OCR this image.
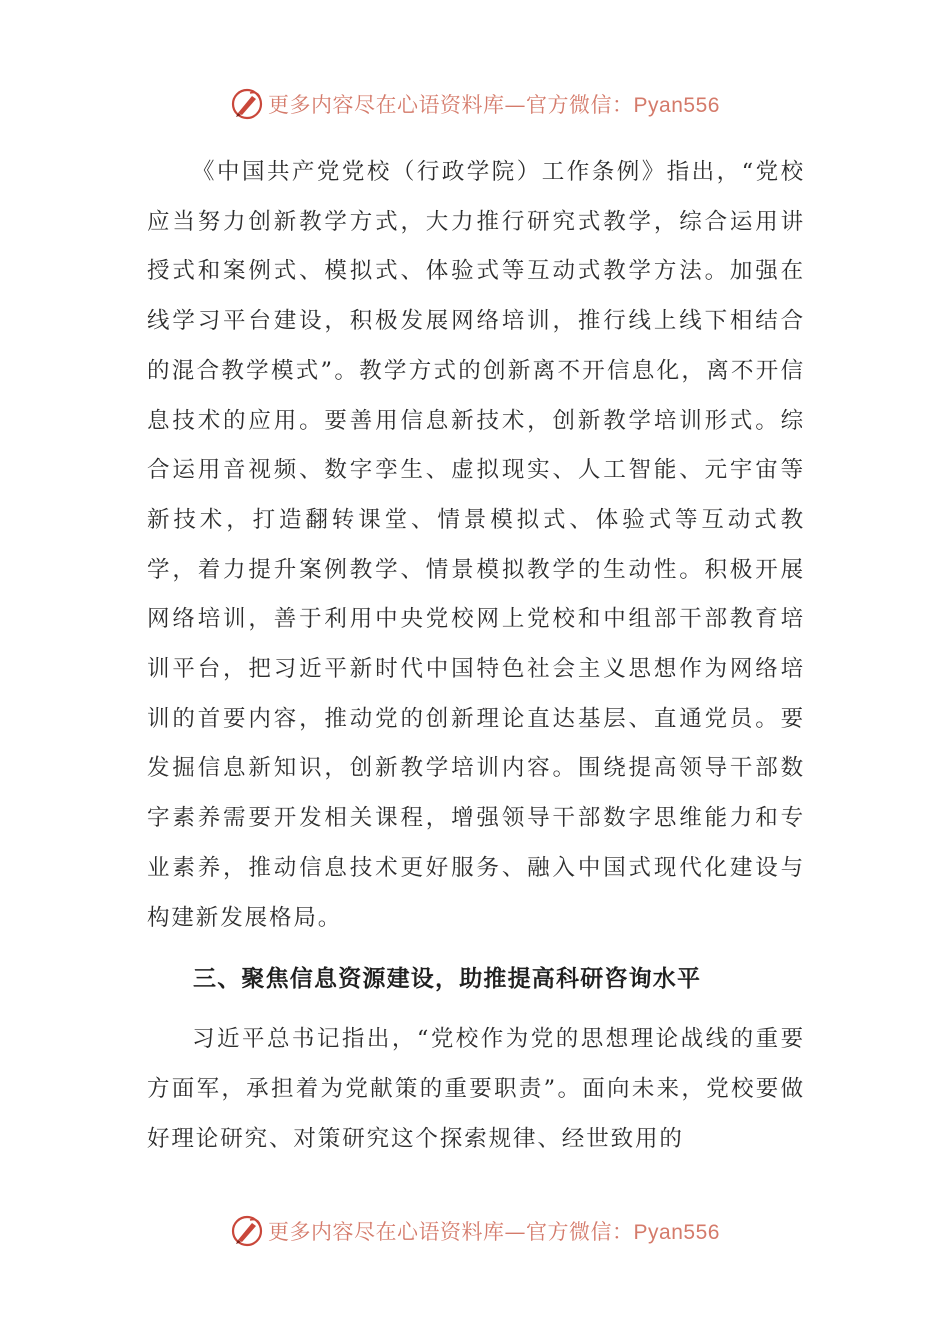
更多内容尽在心语资料库—官方微信：Pyan556

《中国共产党党校（行政学院）工作条例》指出，“党校应当努力创新教学方式，大力推行研究式教学，综合运用讲授式和案例式、模拟式、体验式等互动式教学方法。加强在线学习平台建设，积极发展网络培训，推行线上线下相结合的混合教学模式”。教学方式的创新离不开信息化，离不开信息技术的应用。要善用信息新技术，创新教学培训形式。综合运用音视频、数字孪生、虚拟现实、人工智能、元宇宙等新技术，打造翻转课堂、情景模拟式、体验式等互动式教学，着力提升案例教学、情景模拟教学的生动性。积极开展网络培训，善于利用中央党校网上党校和中组部干部教育培训平台，把习近平新时代中国特色社会主义思想作为网络培训的首要内容，推动党的创新理论直达基层、直通党员。要发掘信息新知识，创新教学培训内容。围绕提高领导干部数字素养需要开发相关课程，增强领导干部数字思维能力和专业素养，推动信息技术更好服务、融入中国式现代化建设与构建新发展格局。

三、聚焦信息资源建设，助推提高科研咨询水平

习近平总书记指出，“党校作为党的思想理论战线的重要方面军，承担着为党献策的重要职责”。面向未来，党校要做好理论研究、对策研究这个探索规律、经世致用的

更多内容尽在心语资料库—官方微信：Pyan556
